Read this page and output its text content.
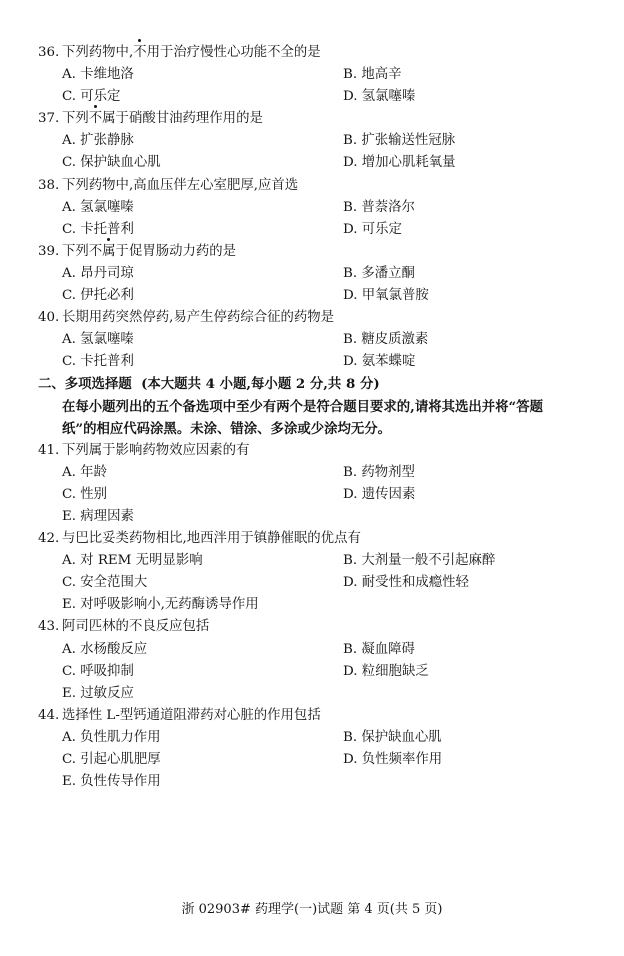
36. 下列药物中,不用于治疗慢性心功能不全的是
A. 卡维地洛	B. 地高辛
C. 可乐定	D. 氢氯噻嗪
37. 下列不属于硝酸甘油药理作用的是
A. 扩张静脉	B. 扩张输送性冠脉
C. 保护缺血心肌	D. 增加心肌耗氧量
38. 下列药物中,高血压伴左心室肥厚,应首选
A. 氢氯噻嗪	B. 普萘洛尔
C. 卡托普利	D. 可乐定
39. 下列不属于促胃肠动力药的是
A. 昂丹司琼	B. 多潘立酮
C. 伊托必利	D. 甲氧氯普胺
40. 长期用药突然停药,易产生停药综合征的药物是
A. 氢氯噻嗪	B. 糖皮质激素
C. 卡托普利	D. 氨苯蝶啶
二、多项选择题 (本大题共 4 小题,每小题 2 分,共 8 分)
在每小题列出的五个备选项中至少有两个是符合题目要求的,请将其选出并将“答题
纸”的相应代码涂黑。未涂、错涂、多涂或少涂均无分。
41. 下列属于影响药物效应因素的有
A. 年龄	B. 药物剂型
C. 性别	D. 遗传因素
E. 病理因素
42. 与巴比妥类药物相比,地西泮用于镇静催眠的优点有
A. 对 REM 无明显影响	B. 大剂量一般不引起麻醉
C. 安全范围大	D. 耐受性和成瘾性轻
E. 对呼吸影响小,无药酶诱导作用
43. 阿司匹林的不良反应包括
A. 水杨酸反应	B. 凝血障碍
C. 呼吸抑制	D. 粒细胞缺乏
E. 过敏反应
44. 选择性 L-型钙通道阻滞药对心脏的作用包括
A. 负性肌力作用	B. 保护缺血心肌
C. 引起心肌肥厚	D. 负性频率作用
E. 负性传导作用
浙 02903# 药理学(一)试题 第 4 页(共 5 页)
